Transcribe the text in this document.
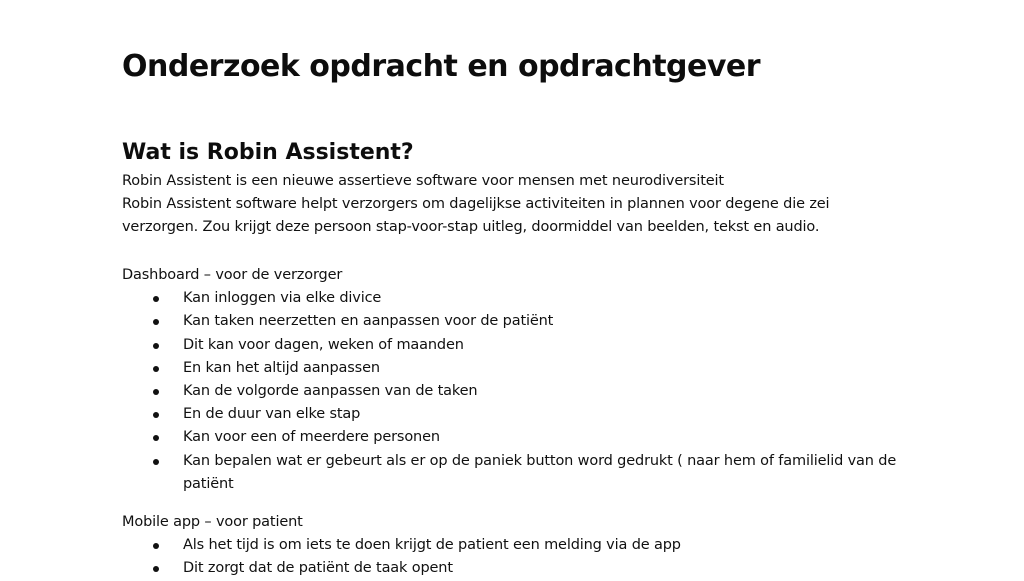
Onderzoek opdracht en opdrachtgever
Wat is Robin Assistent?
Robin Assistent is een nieuwe assertieve software voor mensen met neurodiversiteit
Robin Assistent software helpt verzorgers om dagelijkse activiteiten in plannen voor degene die zei
verzorgen. Zou krijgt deze persoon stap-voor-stap uitleg, doormiddel van beelden, tekst en audio.
Dashboard – voor de verzorger
Kan inloggen via elke divice
Kan taken neerzetten en aanpassen voor de patiënt
Dit kan voor dagen, weken of maanden
En kan het altijd aanpassen
Kan de volgorde aanpassen van de taken
En de duur van elke stap
Kan voor een of meerdere personen
Kan bepalen wat er gebeurt als er op de paniek button word gedrukt ( naar hem of familielid van de patiënt
Mobile app – voor patient
Als het tijd is om iets te doen krijgt de patient een melding via de app
Dit zorgt dat de patiënt de taak opent
